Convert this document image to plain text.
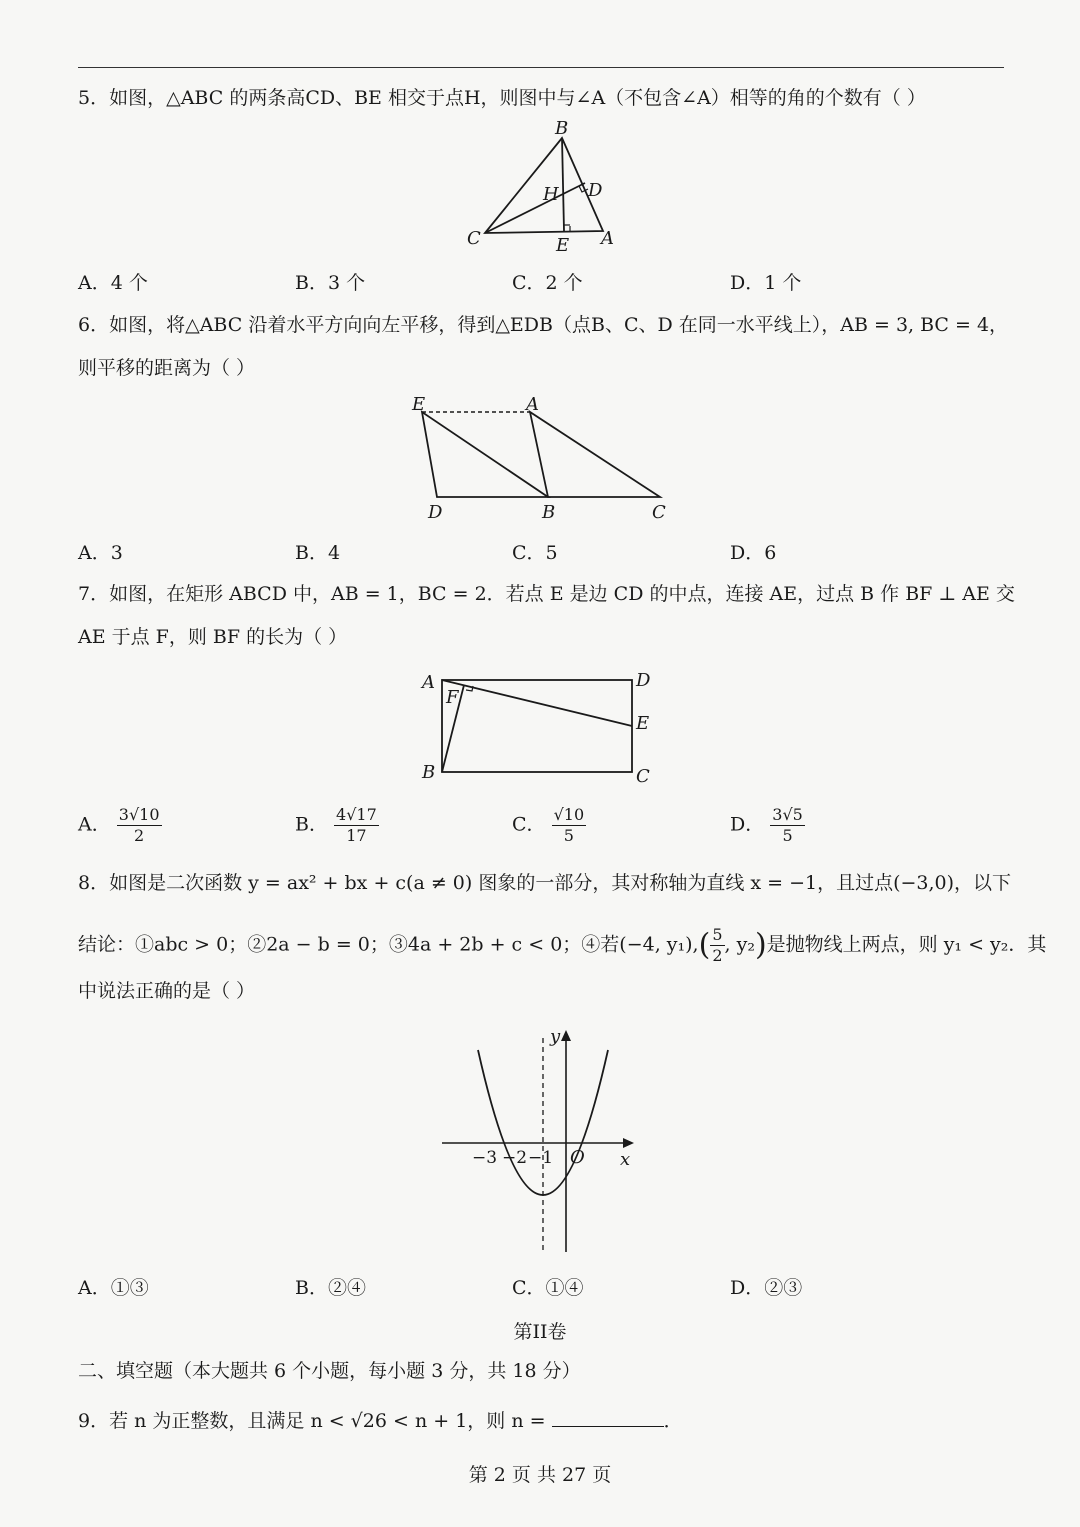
5．如图，△ABC 的两条高CD、BE 相交于点H，则图中与∠A（不包含∠A）相等的角的个数有（ ）
B
H D
C	E A
A．4 个	B．3 个	C．2 个	D．1 个
6．如图，将△ABC 沿着水平方向向左平移，得到△EDB（点B、C、D 在同一水平线上），AB = 3, BC = 4，
则平移的距离为（ ）
E	A
D	B	C
A．3	B．4	C．5	D．6
7．如图，在矩形 ABCD 中，AB = 1，BC = 2．若点 E 是边 CD 的中点，连接 AE，过点 B 作 BF ⊥ AE 交
AE 于点 F，则 BF 的长为（ ）
A
F
D
E
B	C
A． $\frac{3√10}{2}$	B． $\frac{4√17}{17}$	C． $\frac{√10}{5}$	D． $\frac{3√5}{5}$
8．如图是二次函数 y = ax² + bx + c(a ≠ 0) 图象的一部分，其对称轴为直线 x = −1，且过点(−3,0)，以下
结论：①abc > 0；②2a − b = 0；③4a + 2b + c < 0；④若(−4, $y_1),( \frac{5}{2}$ , y₂)是抛物线上两点，则 y₁ < y₂．其
中说法正确的是（ ）
y
x
O
−3 −2 −1
A．①③	B．②④	C．①④	D．②③
第II卷
二、填空题（本大题共 6 个小题，每小题 3 分，共 18 分）
9．若 n 为正整数，且满足 n < √26 < n + 1，则 n =	．
第 2 页 共 27 页
